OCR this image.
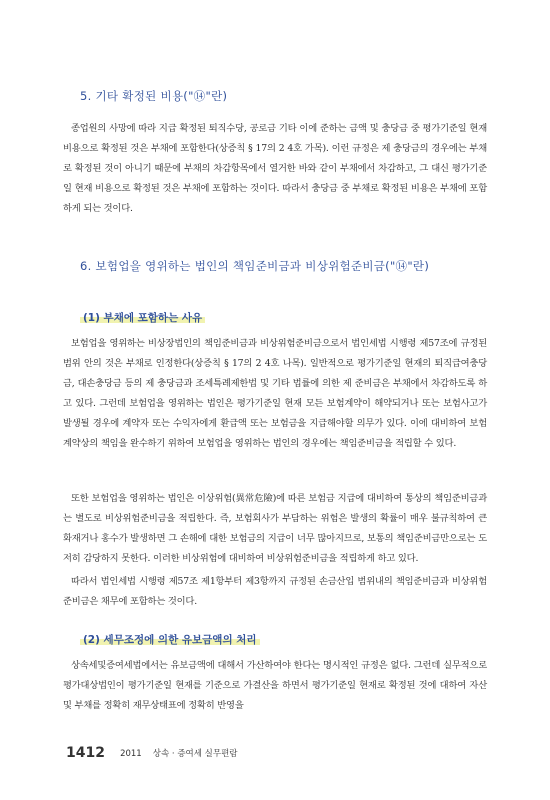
5. 기타 확정된 비용("⑭"란)

종업원의 사망에 따라 지급 확정된 퇴직수당, 공로금 기타 이에 준하는 금액 및 충당금 중 평가기준일 현재 비용으로 확정된 것은 부채에 포함한다(상증칙 § 17의 2 4호 가목). 이런 규정은 제 충당금의 경우에는 부채로 확정된 것이 아니기 때문에 부채의 차감항목에서 열거한 바와 같이 부채에서 차감하고, 그 대신 평가기준일 현재 비용으로 확정된 것은 부채에 포함하는 것이다. 따라서 충당금 중 부채로 확정된 비용은 부채에 포함하게 되는 것이다.

6. 보험업을 영위하는 법인의 책임준비금과 비상위험준비금("⑭"란)
(1) 부채에 포함하는 사유

보험업을 영위하는 비상장법인의 책임준비금과 비상위험준비금으로서 법인세법 시행령 제57조에 규정된 범위 안의 것은 부채로 인정한다(상증칙 § 17의 2 4호 나목). 일반적으로 평가기준일 현재의 퇴직급여충당금, 대손충당금 등의 제 충당금과 조세특례제한법 및 기타 법률에 의한 제 준비금은 부채에서 차감하도록 하고 있다. 그런데 보험업을 영위하는 법인은 평가기준일 현재 모든 보험계약이 해약되거나 또는 보험사고가 발생될 경우에 계약자 또는 수익자에게 환급액 또는 보험금을 지급해야할 의무가 있다. 이에 대비하여 보험계약상의 책임을 완수하기 위하여 보험업을 영위하는 법인의 경우에는 책임준비금을 적립할 수 있다.

또한 보험업을 영위하는 법인은 이상위험(異常危險)에 따른 보험금 지급에 대비하여 통상의 책임준비금과는 별도로 비상위험준비금을 적립한다. 즉, 보험회사가 부담하는 위험은 발생의 확률이 매우 불규칙하여 큰 화재거나 홍수가 발생하면 그 손해에 대한 보험금의 지급이 너무 많아지므로, 보통의 책임준비금만으로는 도저히 감당하지 못한다. 이러한 비상위험에 대비하여 비상위험준비금을 적립하게 하고 있다.

따라서 법인세법 시행령 제57조 제1항부터 제3항까지 규정된 손금산입 범위내의 책임준비금과 비상위험준비금은 채무에 포함하는 것이다.

(2) 세무조정에 의한 유보금액의 처리

상속세및증여세법에서는 유보금액에 대해서 가산하여야 한다는 명시적인 규정은 없다. 그런데 실무적으로 평가대상법인이 평가기준일 현재를 기준으로 가결산을 하면서 평가기준일 현재로 확정된 것에 대하여 자산 및 부채를 정확히 재무상태표에 정확히 반영을

1412 2011 상속 · 증여세 실무편람
